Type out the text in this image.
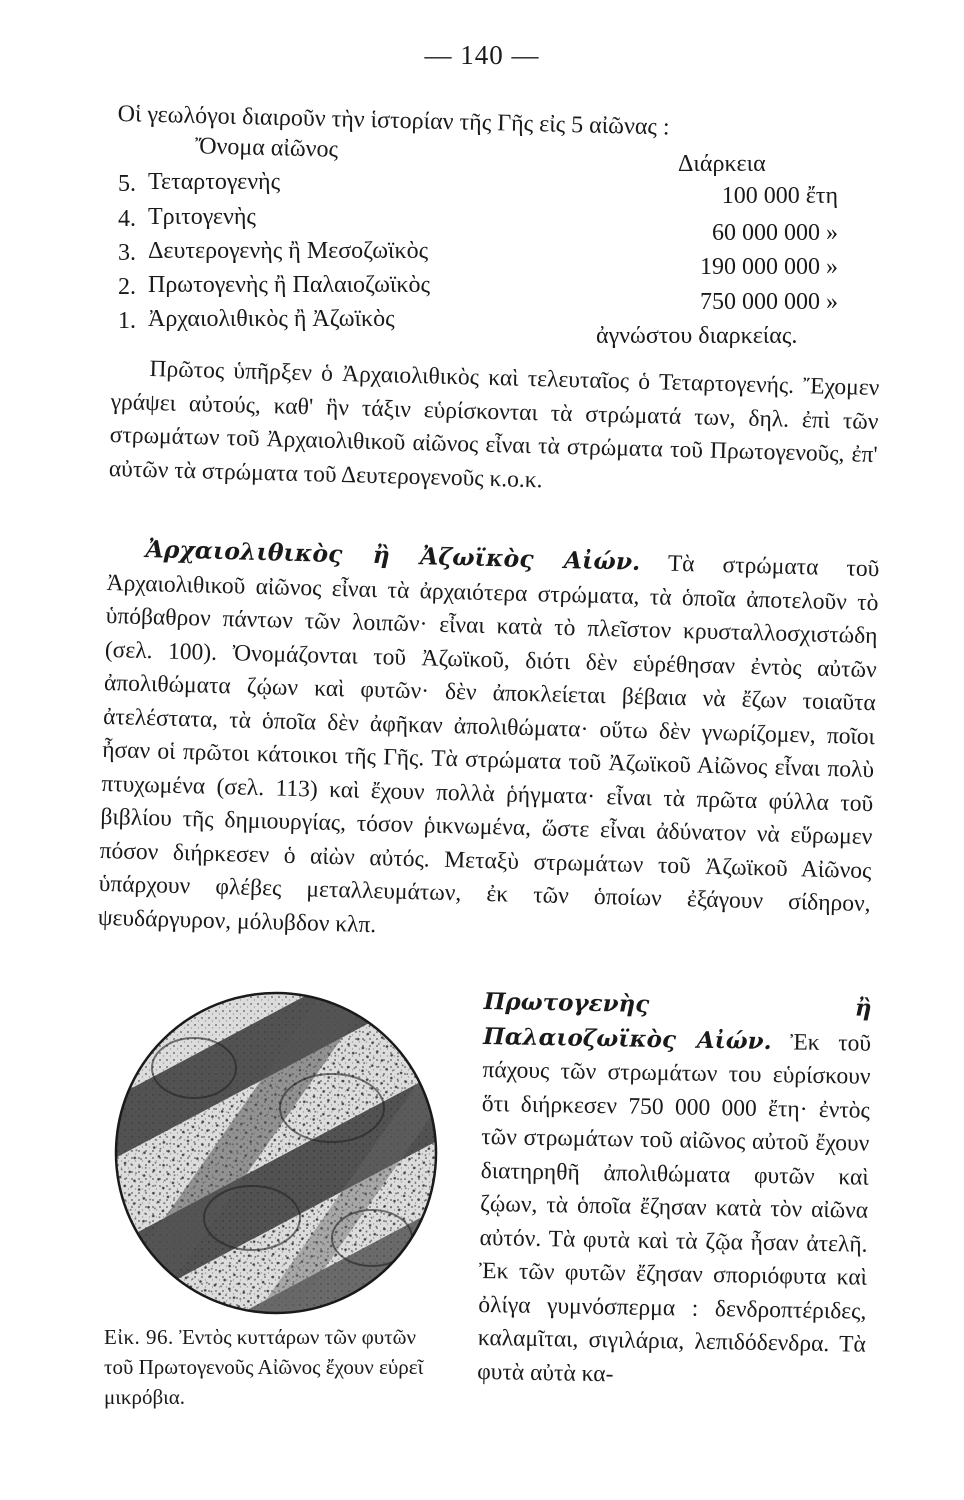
— 140 —
Οἱ γεωλόγοι διαιροῦν τὴν ἱστορίαν τῆς Γῆς εἰς 5 αἰῶνας :
Ὄνομα αἰῶνος
Διάρκεια
5. Τεταρτογενὴς
100 000 ἔτη
4. Τριτογενὴς
60 000 000 »
3. Δευτερογενὴς ἢ Μεσοζωϊκὸς
190 000 000 »
2. Πρωτογενὴς ἢ Παλαιοζωϊκὸς
750 000 000 »
1. Ἀρχαιολιθικὸς ἢ Ἀζωϊκὸς
ἀγνώστου διαρκείας.
Πρῶτος ὑπῆρξεν ὁ Ἀρχαιολιθικὸς καὶ τελευταῖος ὁ Τεταρτογενής. Ἔχομεν γράψει αὐτούς, καθ' ἣν τάξιν εὑρίσκονται τὰ στρώματά των, δηλ. ἐπὶ τῶν στρωμάτων τοῦ Ἀρχαιολιθικοῦ αἰῶνος εἶναι τὰ στρώματα τοῦ Πρωτογενοῦς, ἐπ' αὐτῶν τὰ στρώματα τοῦ Δευτερογενοῦς κ.ο.κ.
Ἀρχαιολιθικὸς ἢ Ἀζωϊκὸς Αἰών. Τὰ στρώματα τοῦ Ἀρχαιολιθικοῦ αἰῶνος εἶναι τὰ ἀρχαιότερα στρώματα, τὰ ὁποῖα ἀποτελοῦν τὸ ὑπόβαθρον πάντων τῶν λοιπῶν· εἶναι κατὰ τὸ πλεῖστον κρυσταλλοσχιστώδη (σελ. 100). Ὀνομάζονται τοῦ Ἀζωϊκοῦ, διότι δὲν εὑρέθησαν ἐντὸς αὐτῶν ἀπολιθώματα ζῴων καὶ φυτῶν· δὲν ἀποκλείεται βέβαια νὰ ἔζων τοιαῦτα ἀτελέστατα, τὰ ὁποῖα δὲν ἀφῆκαν ἀπολιθώματα· οὕτω δὲν γνωρίζομεν, ποῖοι ἦσαν οἱ πρῶτοι κάτοικοι τῆς Γῆς. Τὰ στρώματα τοῦ Ἀζωϊκοῦ Αἰῶνος εἶναι πολὺ πτυχωμένα (σελ. 113) καὶ ἔχουν πολλὰ ῥήγματα· εἶναι τὰ πρῶτα φύλλα τοῦ βιβλίου τῆς δημιουργίας, τόσον ῥικνωμένα, ὥστε εἶναι ἀδύνατον νὰ εὕρωμεν πόσον διήρκεσεν ὁ αἰὼν αὐτός. Μεταξὺ στρωμάτων τοῦ Ἀζωϊκοῦ Αἰῶνος ὑπάρχουν φλέβες μεταλλευμάτων, ἐκ τῶν ὁποίων ἐξάγουν σίδηρον, ψευδάργυρον, μόλυβδον κλπ.
Εἰκ. 96. Ἐντὸς κυττάρων τῶν φυτῶν τοῦ Πρωτογενοῦς Αἰῶνος ἔχουν εὑρεῖ μικρόβια.
Πρωτογενὴς ἢ Παλαιοζωϊκὸς Αἰών. Ἐκ τοῦ πάχους τῶν στρωμάτων του εὑρίσκουν ὅτι διήρκεσεν 750 000 000 ἔτη· ἐντὸς τῶν στρωμάτων τοῦ αἰῶνος αὐτοῦ ἔχουν διατηρηθῆ ἀπολιθώματα φυτῶν καὶ ζῴων, τὰ ὁποῖα ἔζησαν κατὰ τὸν αἰῶνα αὐτόν. Τὰ φυτὰ καὶ τὰ ζῷα ἦσαν ἀτελῆ. Ἐκ τῶν φυτῶν ἔζησαν σποριόφυτα καὶ ὀλίγα γυμνόσπερμα : δενδροπτέριδες, καλαμῖται, σιγιλάρια, λεπιδόδενδρα. Τὰ φυτὰ αὐτὰ κα-
